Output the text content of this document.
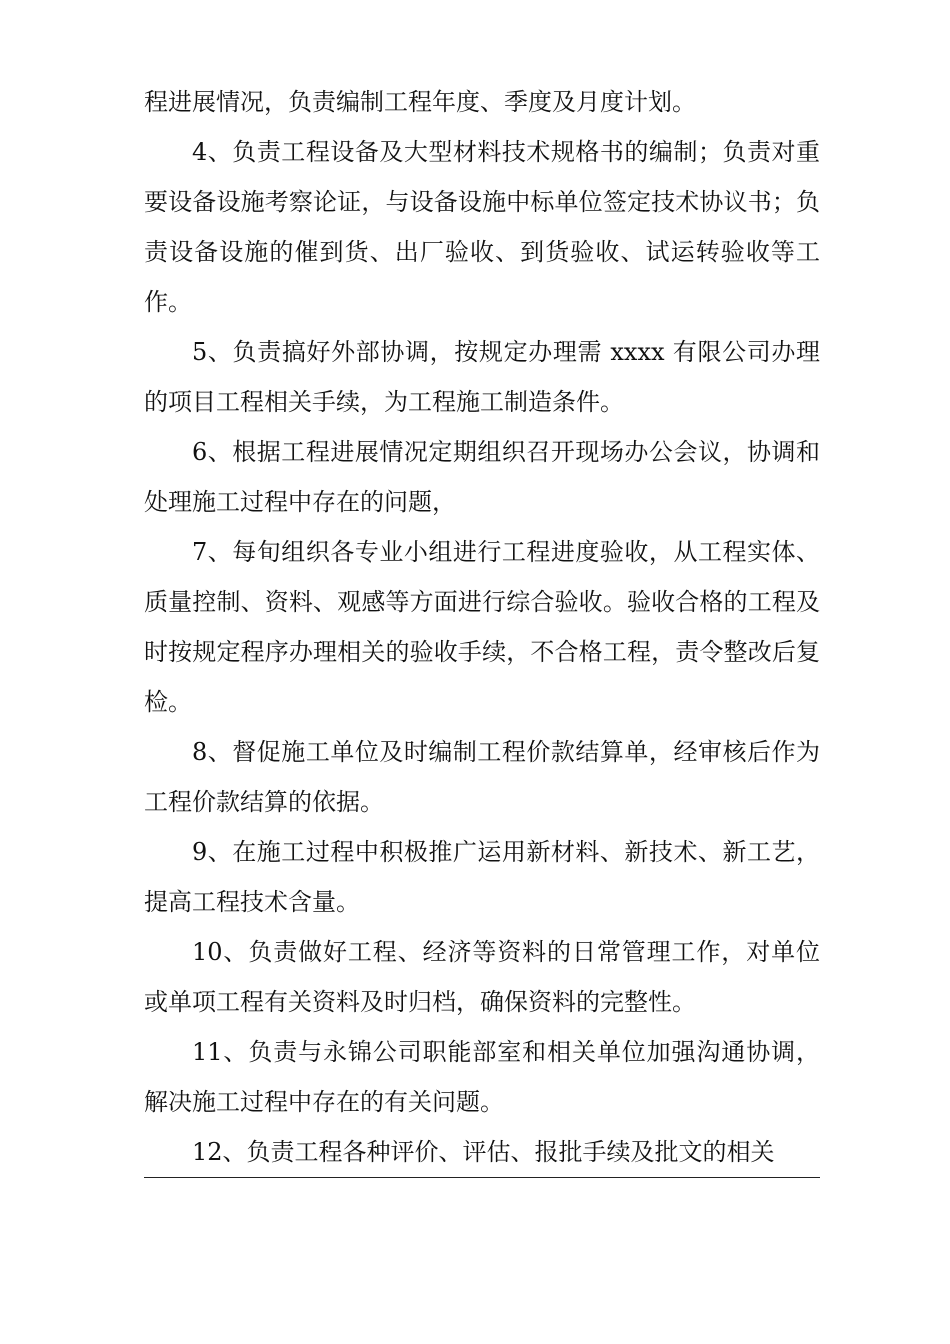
程进展情况，负责编制工程年度、季度及月度计划。

4、负责工程设备及大型材料技术规格书的编制；负责对重要设备设施考察论证，与设备设施中标单位签定技术协议书；负责设备设施的催到货、出厂验收、到货验收、试运转验收等工作。

5、负责搞好外部协调，按规定办理需 xxxx 有限公司办理的项目工程相关手续，为工程施工制造条件。

6、根据工程进展情况定期组织召开现场办公会议，协调和处理施工过程中存在的问题，

7、每旬组织各专业小组进行工程进度验收，从工程实体、质量控制、资料、观感等方面进行综合验收。验收合格的工程及时按规定程序办理相关的验收手续，不合格工程，责令整改后复检。

8、督促施工单位及时编制工程价款结算单，经审核后作为工程价款结算的依据。

9、在施工过程中积极推广运用新材料、新技术、新工艺，提高工程技术含量。

10、负责做好工程、经济等资料的日常管理工作，对单位或单项工程有关资料及时归档，确保资料的完整性。

11、负责与永锦公司职能部室和相关单位加强沟通协调，解决施工过程中存在的有关问题。

12、负责工程各种评价、评估、报批手续及批文的相关
